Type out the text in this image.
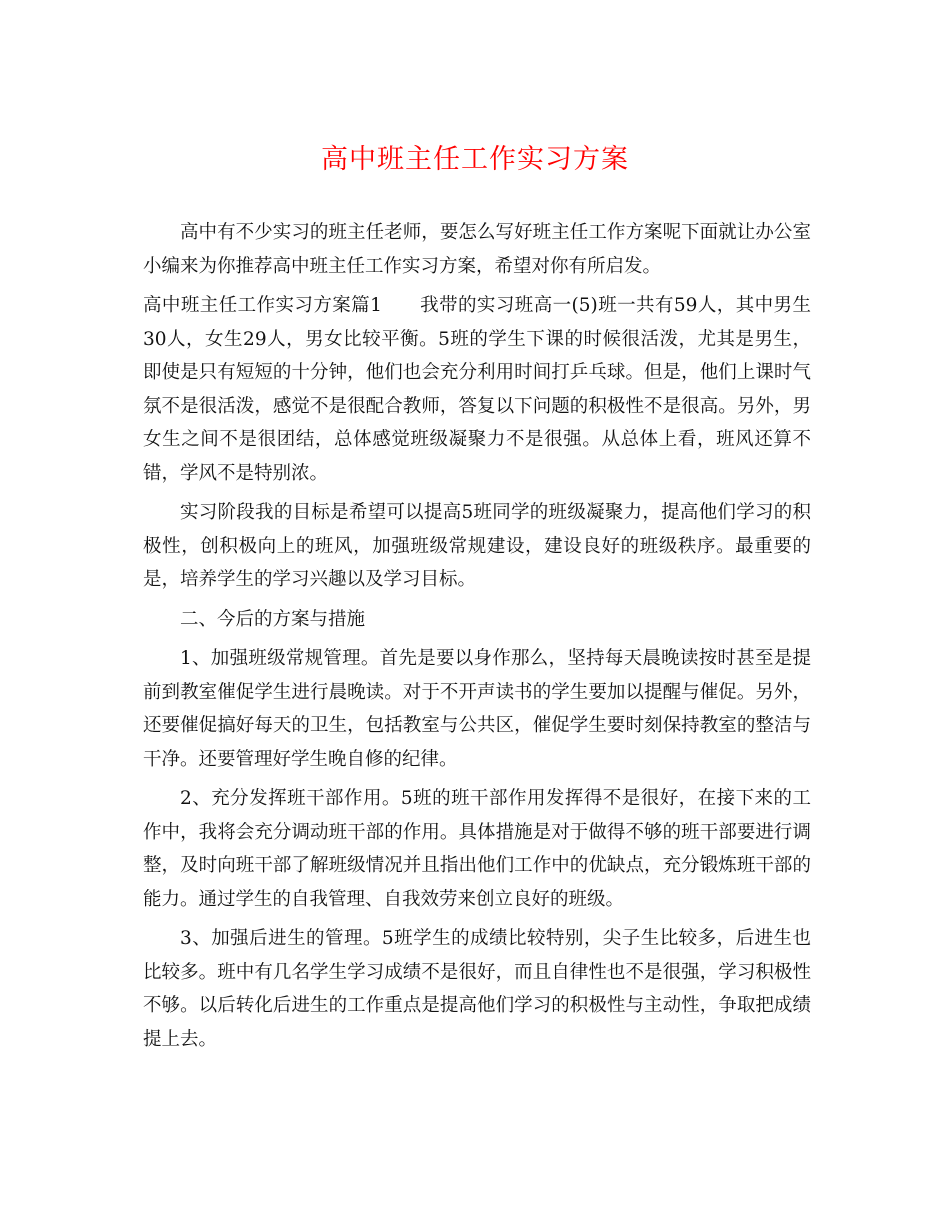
高中班主任工作实习方案

高中有不少实习的班主任老师，要怎么写好班主任工作方案呢下面就让办公室小编来为你推荐高中班主任工作实习方案，希望对你有所启发。

高中班主任工作实习方案篇1　　我带的实习班高一(5)班一共有59人，其中男生30人，女生29人，男女比较平衡。5班的学生下课的时候很活泼，尤其是男生，即使是只有短短的十分钟，他们也会充分利用时间打乒乓球。但是，他们上课时气氛不是很活泼，感觉不是很配合教师，答复以下问题的积极性不是很高。另外，男女生之间不是很团结，总体感觉班级凝聚力不是很强。从总体上看，班风还算不错，学风不是特别浓。

实习阶段我的目标是希望可以提高5班同学的班级凝聚力，提高他们学习的积极性，创积极向上的班风，加强班级常规建设，建设良好的班级秩序。最重要的是，培养学生的学习兴趣以及学习目标。

二、今后的方案与措施

1、加强班级常规管理。首先是要以身作那么，坚持每天晨晚读按时甚至是提前到教室催促学生进行晨晚读。对于不开声读书的学生要加以提醒与催促。另外，还要催促搞好每天的卫生，包括教室与公共区，催促学生要时刻保持教室的整洁与干净。还要管理好学生晚自修的纪律。

2、充分发挥班干部作用。5班的班干部作用发挥得不是很好，在接下来的工作中，我将会充分调动班干部的作用。具体措施是对于做得不够的班干部要进行调整，及时向班干部了解班级情况并且指出他们工作中的优缺点，充分锻炼班干部的能力。通过学生的自我管理、自我效劳来创立良好的班级。

3、加强后进生的管理。5班学生的成绩比较特别，尖子生比较多，后进生也比较多。班中有几名学生学习成绩不是很好，而且自律性也不是很强，学习积极性不够。以后转化后进生的工作重点是提高他们学习的积极性与主动性，争取把成绩提上去。
